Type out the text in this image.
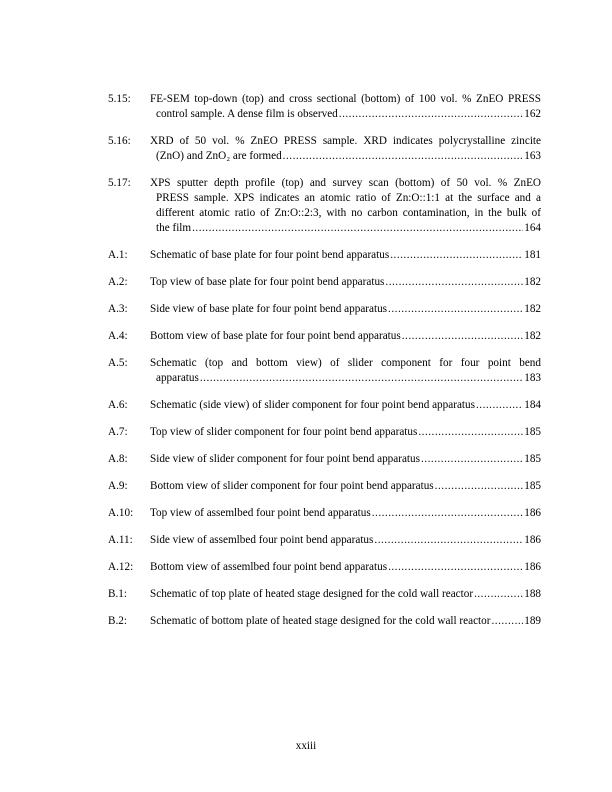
5.15: FE-SEM top-down (top) and cross sectional (bottom) of 100 vol. % ZnEO PRESS
control sample. A dense film is observed .....	162
5.16: XRD of 50 vol. % ZnEO PRESS sample. XRD indicates polycrystalline zincite
(ZnO) and ZnO₂ are formed .....	163
5.17: XPS sputter depth profile (top) and survey scan (bottom) of 50 vol. % ZnEO
PRESS sample. XPS indicates an atomic ratio of Zn:O::1:1 at the surface and a
different atomic ratio of Zn:O::2:3, with no carbon contamination, in the bulk of
the film .....	164
A.1: Schematic of base plate for four point bend apparatus .....	181
A.2: Top view of base plate for four point bend apparatus .....	182
A.3: Side view of base plate for four point bend apparatus .....	182
A.4: Bottom view of base plate for four point bend apparatus .....	182
A.5: Schematic (top and bottom view) of slider component for four point bend
apparatus .....	183
A.6: Schematic (side view) of slider component for four point bend apparatus .....	184
A.7: Top view of slider component for four point bend apparatus .....	185
A.8: Side view of slider component for four point bend apparatus .....	185
A.9: Bottom view of slider component for four point bend apparatus .....	185
A.10: Top view of assemlbed four point bend apparatus .....	186
A.11: Side view of assemlbed four point bend apparatus .....	186
A.12: Bottom view of assemlbed four point bend apparatus .....	186
B.1: Schematic of top plate of heated stage designed for the cold wall reactor .....	188
B.2: Schematic of bottom plate of heated stage designed for the cold wall reactor .....	189
xxiii
